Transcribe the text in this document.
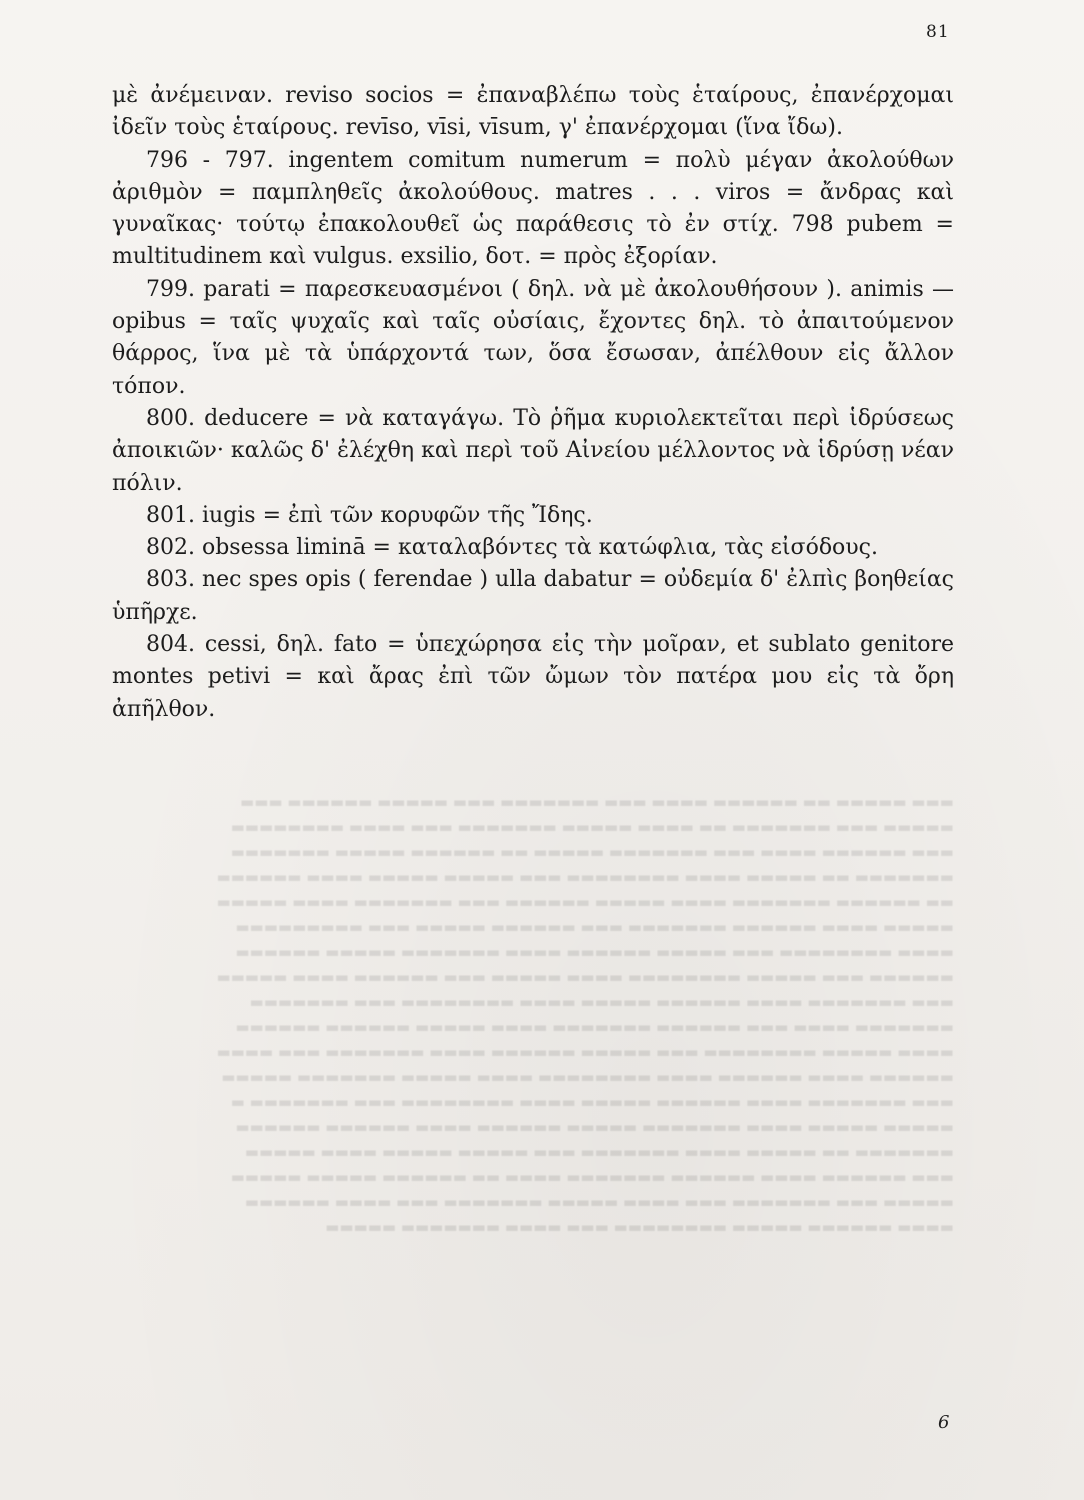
▬▬▬ ▬▬▬▬▬ ▬▬ ▬▬▬▬▬▬ ▬▬▬▬ ▬▬▬ ▬▬▬▬▬▬▬ ▬▬▬ ▬▬▬▬▬ ▬▬▬▬▬▬ ▬▬▬
▬▬▬▬▬ ▬▬▬ ▬▬▬▬▬▬▬ ▬▬ ▬▬▬▬ ▬▬▬▬▬ ▬▬▬▬▬▬▬ ▬▬▬ ▬▬▬▬ ▬▬▬▬▬▬▬▬
▬▬▬ ▬▬▬▬▬▬ ▬▬▬▬ ▬▬▬ ▬▬▬▬▬▬▬ ▬▬▬▬▬ ▬▬ ▬▬▬▬▬▬ ▬▬▬▬▬ ▬▬▬▬▬▬▬
▬▬▬▬▬▬▬ ▬▬ ▬▬▬▬▬ ▬▬▬▬ ▬▬▬▬▬▬▬▬ ▬▬▬ ▬▬▬▬▬ ▬▬▬▬▬ ▬▬▬▬ ▬▬▬▬▬▬
▬▬ ▬▬▬▬▬▬ ▬▬▬▬▬▬▬ ▬▬▬▬ ▬▬▬▬▬ ▬▬▬▬▬▬ ▬▬▬ ▬▬▬▬▬▬▬ ▬▬▬▬ ▬▬▬▬▬
▬▬▬▬▬ ▬▬▬▬ ▬▬▬▬▬▬ ▬▬▬▬▬▬▬ ▬▬▬ ▬▬▬▬▬▬ ▬▬▬▬▬ ▬▬▬ ▬▬▬▬▬▬▬▬▬
▬▬▬▬ ▬▬▬▬▬▬▬▬ ▬▬▬ ▬▬▬▬▬ ▬▬▬▬▬▬ ▬▬▬▬ ▬▬▬▬▬▬▬ ▬▬▬▬▬ ▬▬▬▬▬▬
▬▬▬▬▬▬ ▬▬▬ ▬▬▬▬▬ ▬▬▬▬▬▬▬▬ ▬▬▬▬ ▬▬▬▬▬ ▬▬▬ ▬▬▬▬▬▬ ▬▬▬▬ ▬▬▬▬▬
▬▬▬ ▬▬▬▬▬▬▬ ▬▬▬▬ ▬▬▬▬▬▬ ▬▬▬▬▬ ▬▬▬▬ ▬▬▬▬▬▬▬▬ ▬▬▬ ▬▬▬▬▬▬▬
▬▬▬▬▬▬▬ ▬▬▬▬ ▬▬▬ ▬▬▬▬▬▬ ▬▬▬▬▬▬▬ ▬▬▬▬ ▬▬▬▬▬ ▬▬▬▬▬▬ ▬▬▬▬▬▬
▬▬▬▬ ▬▬▬▬▬ ▬▬▬▬▬▬▬▬ ▬▬▬ ▬▬▬▬▬ ▬▬▬▬▬▬ ▬▬▬▬ ▬▬▬▬▬▬▬ ▬▬▬ ▬▬▬▬
▬▬▬▬▬▬ ▬▬▬▬ ▬▬▬▬▬▬ ▬▬▬▬ ▬▬▬▬▬▬▬▬ ▬▬▬▬ ▬▬▬▬▬ ▬▬▬▬▬▬▬ ▬▬▬▬▬
▬▬▬ ▬▬▬▬▬▬▬ ▬▬▬▬ ▬▬▬▬▬▬ ▬▬▬▬▬ ▬▬▬▬ ▬▬▬▬▬▬▬▬ ▬▬▬ ▬▬▬▬▬▬▬ ▬
▬▬▬▬▬ ▬▬▬▬▬ ▬▬▬▬ ▬▬▬▬▬▬▬ ▬▬▬▬▬ ▬▬▬▬▬▬ ▬▬▬▬ ▬▬▬▬▬▬ ▬▬▬▬▬▬
▬▬▬▬▬▬▬ ▬▬ ▬▬▬▬▬ ▬▬▬▬ ▬▬▬▬▬▬▬ ▬▬▬ ▬▬▬▬▬ ▬▬▬▬▬ ▬▬▬▬ ▬▬▬▬▬
▬▬▬ ▬▬▬▬▬▬ ▬▬▬▬ ▬▬▬▬▬▬ ▬▬▬▬▬▬▬ ▬▬▬▬ ▬▬ ▬▬▬▬▬▬ ▬▬▬▬▬ ▬▬▬▬▬
▬▬▬▬▬ ▬▬▬ ▬▬▬▬▬▬▬ ▬▬▬ ▬▬▬▬ ▬▬▬▬▬ ▬▬▬▬▬▬▬ ▬▬▬ ▬▬▬▬ ▬▬▬▬▬▬
▬▬▬▬ ▬▬▬▬▬▬ ▬▬▬▬▬ ▬▬▬▬▬▬▬▬ ▬▬▬ ▬▬▬▬ ▬▬▬▬▬▬▬ ▬▬▬▬▬
81

μὲ ἀνέμειναν. reviso socios = ἐπαναβλέπω τοὺς ἑταίρους, ἐπανέρχομαι ἰδεῖν τοὺς ἑταίρους. revīso, vīsi, vīsum, γ' ἐπανέρχομαι (ἵνα ἴδω).

796 - 797. ingentem comitum numerum = πολὺ μέγαν ἀκολούθων ἀριθμὸν = παμπληθεῖς ἀκολούθους. matres . . . viros = ἄνδρας καὶ γυναῖκας· τούτῳ ἐπακολουθεῖ ὡς παράθεσις τὸ ἐν στίχ. 798 pubem = multitudinem καὶ vulgus. exsilio, δοτ. = πρὸς ἐξορίαν.

799. parati = παρεσκευασμένοι ( δηλ. νὰ μὲ ἀκολουθήσουν ). animis — opibus = ταῖς ψυχαῖς καὶ ταῖς οὐσίαις, ἔχοντες δηλ. τὸ ἀπαιτούμενον θάρρος, ἵνα μὲ τὰ ὑπάρχοντά των, ὅσα ἔσωσαν, ἀπέλθουν εἰς ἄλλον τόπον.

800. deducere = νὰ καταγάγω. Τὸ ῥῆμα κυριολεκτεῖται περὶ ἱδρύσεως ἀποικιῶν· καλῶς δ' ἐλέχθη καὶ περὶ τοῦ Αἰνείου μέλλοντος νὰ ἱδρύσῃ νέαν πόλιν.

801. iugis = ἐπὶ τῶν κορυφῶν τῆς Ἴδης.

802. obsessa liminā = καταλαβόντες τὰ κατώφλια, τὰς εἰσόδους.

803. nec spes opis ( ferendae ) ulla dabatur = οὐδεμία δ' ἐλπὶς βοηθείας ὑπῆρχε.

804. cessi, δηλ. fato = ὑπεχώρησα εἰς τὴν μοῖραν, et sublato genitore montes petivi = καὶ ἄρας ἐπὶ τῶν ὤμων τὸν πατέρα μου εἰς τὰ ὄρη ἀπῆλθον.

6
